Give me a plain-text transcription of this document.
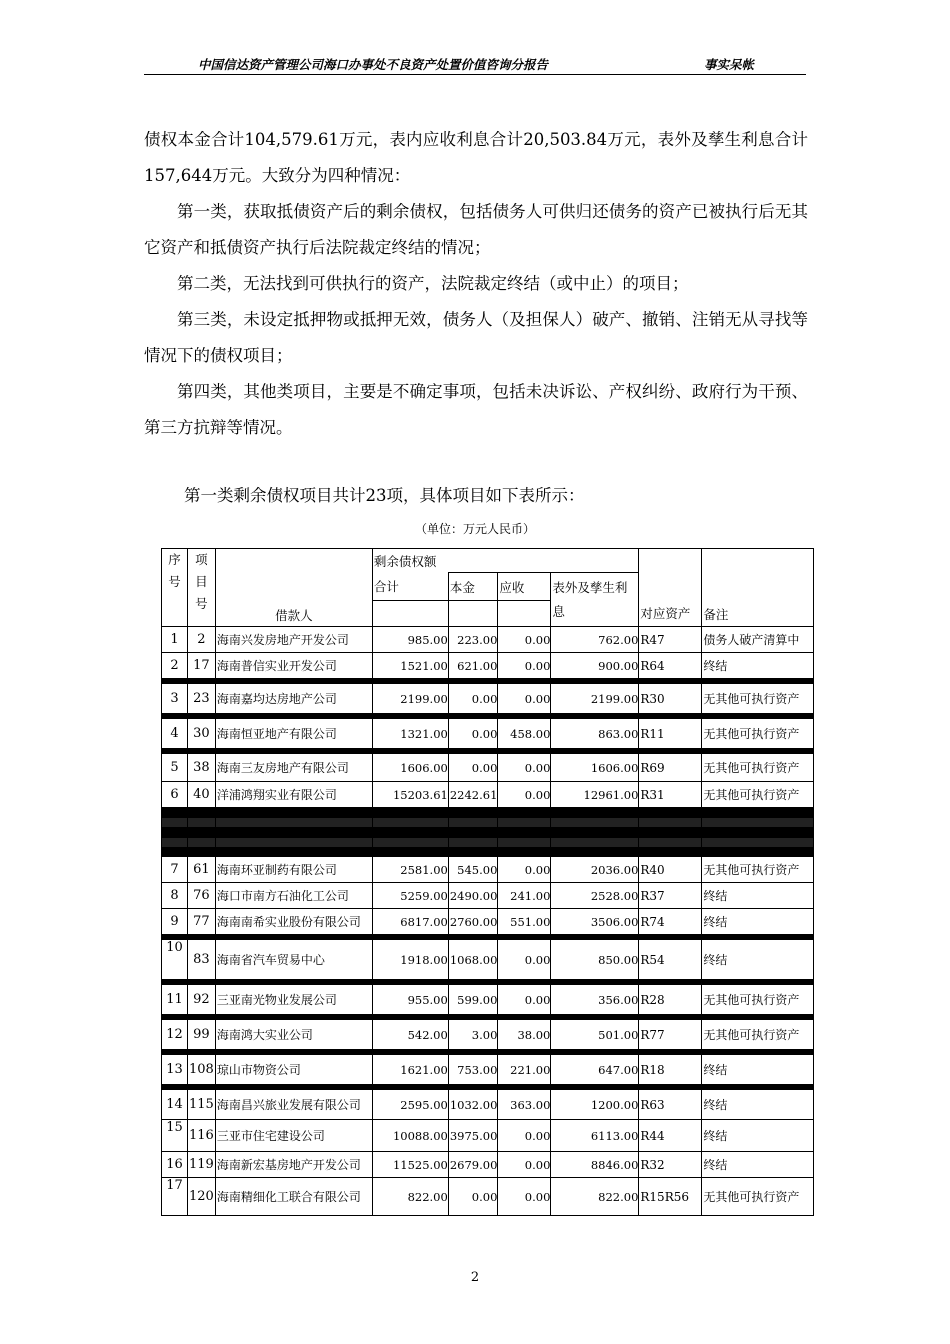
中国信达资产管理公司海口办事处不良资产处置价值咨询分报告	事实呆帐

债权本金合计104,579.61万元，表内应收利息合计20,503.84万元，表外及孳生利息合计157,644万元。大致分为四种情况：

第一类，获取抵债资产后的剩余债权，包括债务人可供归还债务的资产已被执行后无其它资产和抵债资产执行后法院裁定终结的情况；

第二类，无法找到可供执行的资产，法院裁定终结（或中止）的项目；

第三类，未设定抵押物或抵押无效，债务人（及担保人）破产、撤销、注销无从寻找等情况下的债权项目；

第四类，其他类项目，主要是不确定事项，包括未决诉讼、产权纠纷、政府行为干预、第三方抗辩等情况。

第一类剩余债权项目共计23项，具体项目如下表所示：
（单位：万元人民币）
序号	项目号	借款人	剩余债权额				对应资产	备注
			合计	本金	应收	表外及孳生利息		

1	2	海南兴发房地产开发公司	985.00	223.00	0.00	762.00	R47	债务人破产清算中
2	17	海南普信实业开发公司	1521.00	621.00	0.00	900.00	R64	终结

3	23	海南嘉均达房地产公司	2199.00	0.00	0.00	2199.00	R30	无其他可执行资产

4	30	海南恒亚地产有限公司	1321.00	0.00	458.00	863.00	R11	无其他可执行资产

5	38	海南三友房地产有限公司	1606.00	0.00	0.00	1606.00	R69	无其他可执行资产
6	40	洋浦鸿翔实业有限公司	15203.61	2242.61	0.00	12961.00	R31	无其他可执行资产

7	61	海南环亚制药有限公司	2581.00	545.00	0.00	2036.00	R40	无其他可执行资产
8	76	海口市南方石油化工公司	5259.00	2490.00	241.00	2528.00	R37	终结
9	77	海南南希实业股份有限公司	6817.00	2760.00	551.00	3506.00	R74	终结

10	83	海南省汽车贸易中心	1918.00	1068.00	0.00	850.00	R54	终结

11	92	三亚南光物业发展公司	955.00	599.00	0.00	356.00	R28	无其他可执行资产

12	99	海南鸿大实业公司	542.00	3.00	38.00	501.00	R77	无其他可执行资产

13	108	琼山市物资公司	1621.00	753.00	221.00	647.00	R18	终结

14	115	海南昌兴旅业发展有限公司	2595.00	1032.00	363.00	1200.00	R63	终结
15	116	三亚市住宅建设公司	10088.00	3975.00	0.00	6113.00	R44	终结
16	119	海南新宏基房地产开发公司	11525.00	2679.00	0.00	8846.00	R32	终结
17	120	海南精细化工联合有限公司	822.00	0.00	0.00	822.00	R15R56	无其他可执行资产
2
